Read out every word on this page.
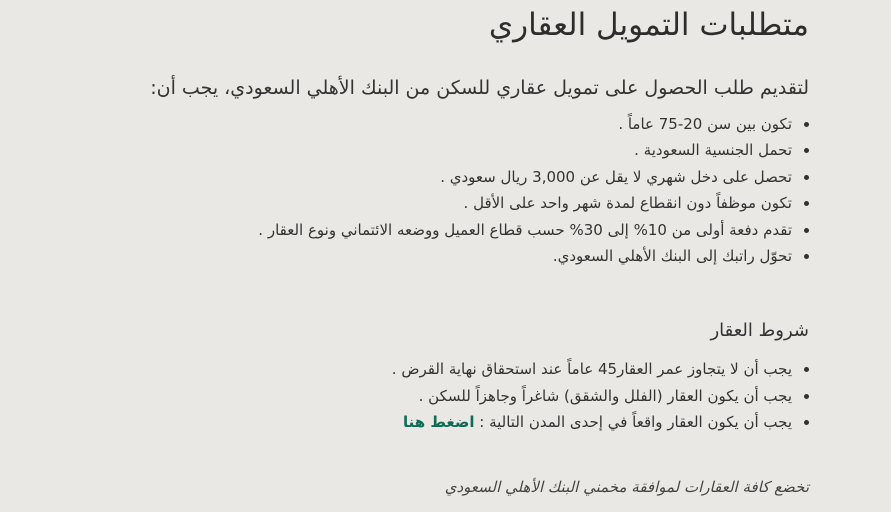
متطلبات التمويل العقاري

لتقديم طلب الحصول على تمويل عقاري للسكن من البنك الأهلي السعودي، يجب أن:

تكون بين سن 20-75 عاماً .
تحمل الجنسية السعودية .
تحصل على دخل شهري لا يقل عن 3,000 ريال سعودي .
تكون موظفاً دون انقطاع لمدة شهر واحد على الأقل .
تقدم دفعة أولى من 10% إلى 30% حسب قطاع العميل ووضعه الائتماني ونوع العقار .
تحوّل راتبك إلى البنك الأهلي السعودي.
شروط العقار
يجب أن لا يتجاوز عمر العقار45 عاماً عند استحقاق نهاية القرض .
يجب أن يكون العقار (الفلل والشقق) شاغراً وجاهزاً للسكن .
يجب أن يكون العقار واقعاً في إحدى المدن التالية : اضغط هنا

تخضع كافة العقارات لموافقة مخمني البنك الأهلي السعودي
